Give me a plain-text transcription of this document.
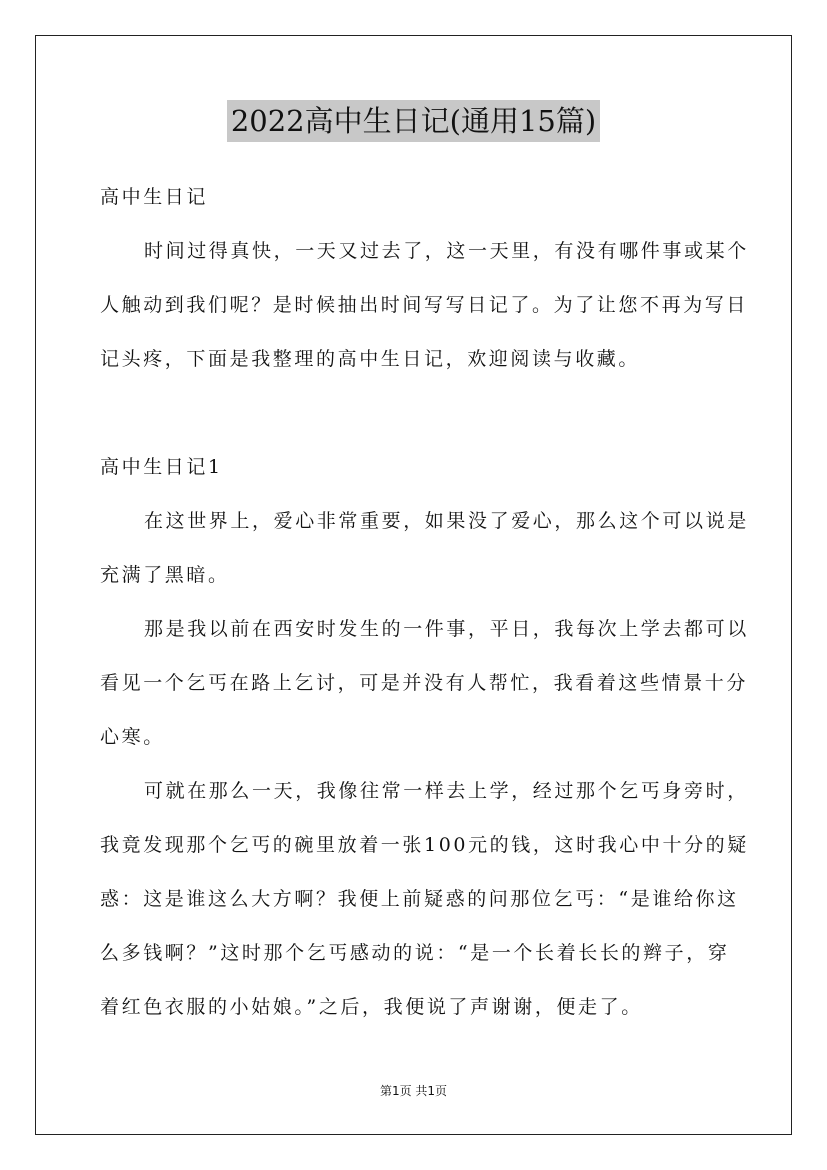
2022高中生日记(通用15篇)
高中生日记
时间过得真快，一天又过去了，这一天里，有没有哪件事或某个
人触动到我们呢？是时候抽出时间写写日记了。为了让您不再为写日
记头疼，下面是我整理的高中生日记，欢迎阅读与收藏。
高中生日记1
在这世界上，爱心非常重要，如果没了爱心，那么这个可以说是
充满了黑暗。
那是我以前在西安时发生的一件事，平日，我每次上学去都可以
看见一个乞丐在路上乞讨，可是并没有人帮忙，我看着这些情景十分
心寒。
可就在那么一天，我像往常一样去上学，经过那个乞丐身旁时，
我竟发现那个乞丐的碗里放着一张100元的钱，这时我心中十分的疑
惑：这是谁这么大方啊？我便上前疑惑的问那位乞丐：“是谁给你这
么多钱啊？”这时那个乞丐感动的说：“是一个长着长长的辫子，穿
着红色衣服的小姑娘。”之后，我便说了声谢谢，便走了。
第1页 共1页
